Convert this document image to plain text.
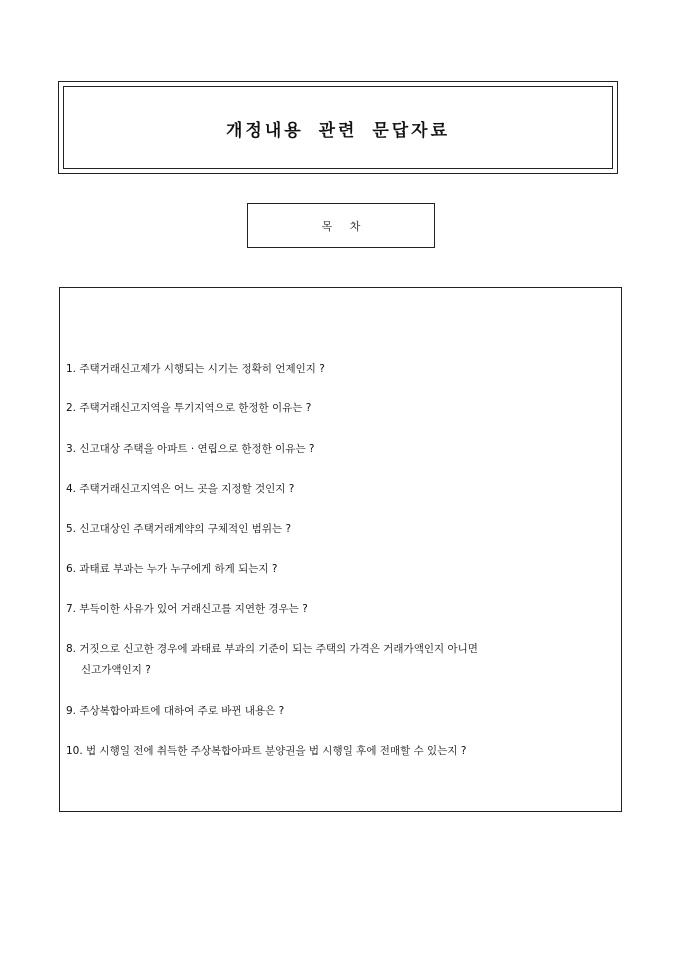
개정내용 관련 문답자료
목 차
1. 주택거래신고제가 시행되는 시기는 정확히 언제인지 ?
2. 주택거래신고지역을 투기지역으로 한정한 이유는 ?
3. 신고대상 주택을 아파트 · 연립으로 한정한 이유는 ?
4. 주택거래신고지역은 어느 곳을 지정할 것인지 ?
5. 신고대상인 주택거래계약의 구체적인 범위는 ?
6. 과태료 부과는 누가 누구에게 하게 되는지 ?
7. 부득이한 사유가 있어 거래신고를 지연한 경우는 ?
8. 거짓으로 신고한 경우에 과태료 부과의 기준이 되는 주택의 가격은 거래가액인지 아니면
신고가액인지 ?
9. 주상복합아파트에 대하여 주로 바뀐 내용은 ?
10. 법 시행일 전에 취득한 주상복합아파트 분양권을 법 시행일 후에 전매할 수 있는지 ?
